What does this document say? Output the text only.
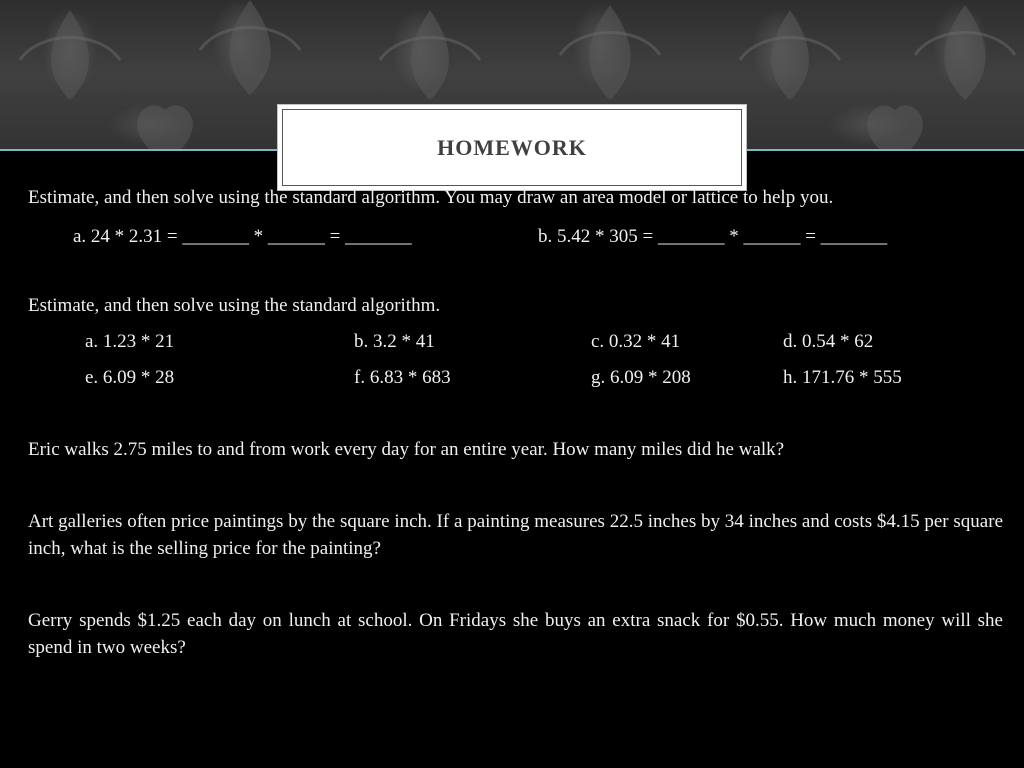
HOMEWORK
Estimate, and then solve using the standard algorithm. You may draw an area model or lattice to help you.
a. 24 * 2.31 = _______ * ______ = _______	b. 5.42 * 305 = _______ * ______ = _______
Estimate, and then solve using the standard algorithm.
a. 1.23 * 21	b. 3.2 * 41	c. 0.32 * 41	d. 0.54 * 62
e. 6.09 * 28	f. 6.83 * 683	g. 6.09 * 208	h. 171.76 * 555
Eric walks 2.75 miles to and from work every day for an entire year. How many miles did he walk?
Art galleries often price paintings by the square inch. If a painting measures 22.5 inches by 34 inches and costs $4.15 per square inch, what is the selling price for the painting?
Gerry spends $1.25 each day on lunch at school. On Fridays she buys an extra snack for $0.55. How much money will she spend in two weeks?
